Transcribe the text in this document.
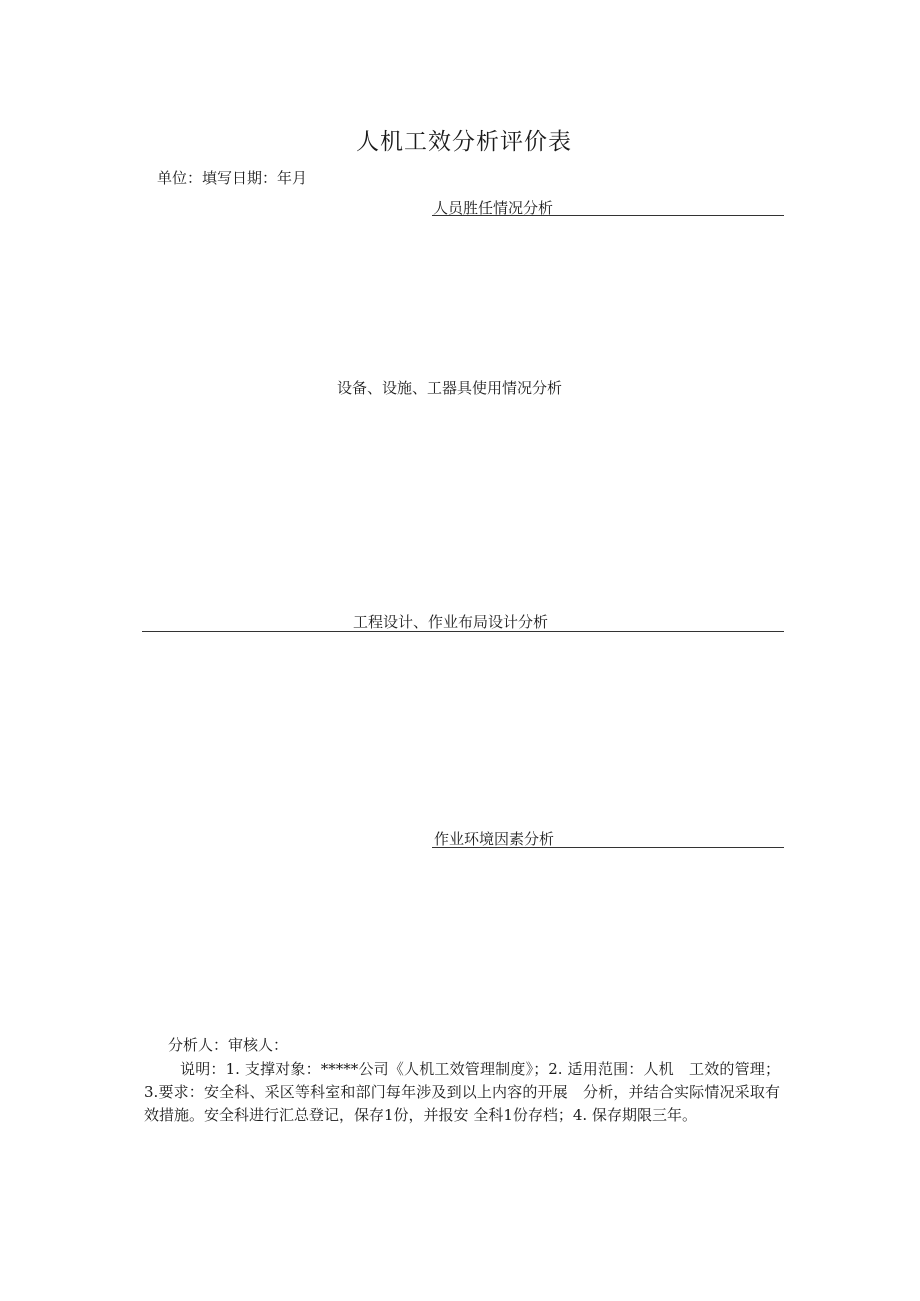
人机工效分析评价表
单位：填写日期：年月
人员胜任情况分析
设备、设施、工器具使用情况分析
工程设计、作业布局设计分析
作业环境因素分析
分析人：审核人：

说明：1. 支撑对象：*****公司《人机工效管理制度》；2. 适用范围：人机　工效的管理；3.要求：安全科、采区等科室和部门每年涉及到以上内容的开展　分析，并结合实际情况采取有效措施。安全科进行汇总登记，保存1份，并报安 全科1份存档；4. 保存期限三年。
